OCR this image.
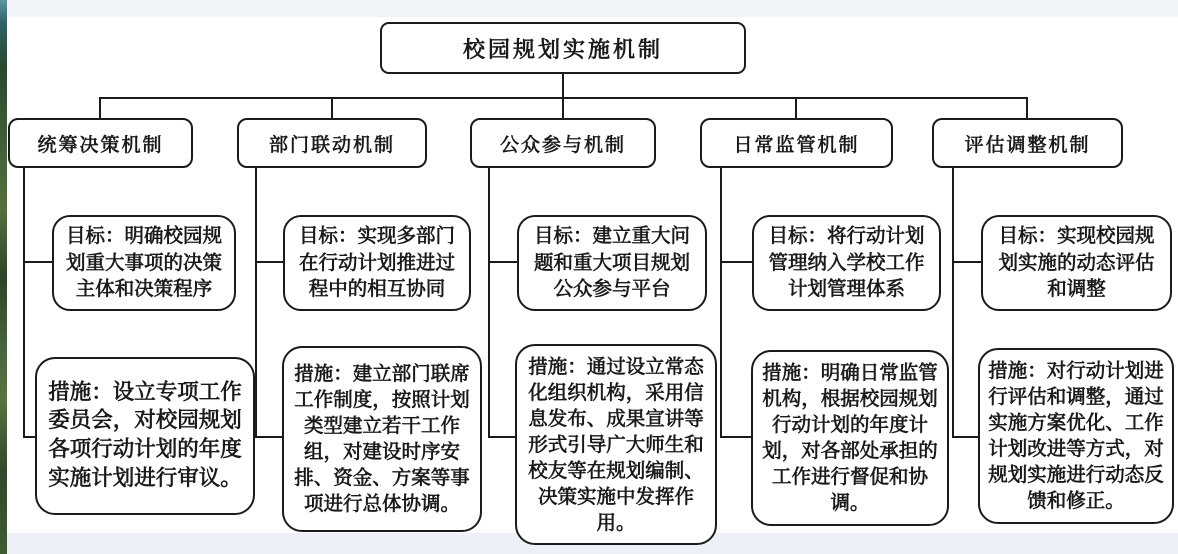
校园规划实施机制
统筹决策机制
目标：明确校园规划重大事项的决策主体和决策程序
措施：设立专项工作委员会，对校园规划各项行动计划的年度实施计划进行审议。
部门联动机制
目标：实现多部门在行动计划推进过程中的相互协同
措施：建立部门联席工作制度，按照计划类型建立若干工作组，对建设时序安排、资金、方案等事项进行总体协调。
公众参与机制
目标：建立重大问题和重大项目规划公众参与平台
措施：通过设立常态化组织机构，采用信息发布、成果宣讲等形式引导广大师生和校友等在规划编制、决策实施中发挥作用。
日常监管机制
目标：将行动计划管理纳入学校工作计划管理体系
措施：明确日常监管机构，根据校园规划行动计划的年度计划，对各部处承担的工作进行督促和协调。
评估调整机制
目标：实现校园规划实施的动态评估和调整
措施：对行动计划进行评估和调整，通过实施方案优化、工作计划改进等方式，对规划实施进行动态反馈和修正。
